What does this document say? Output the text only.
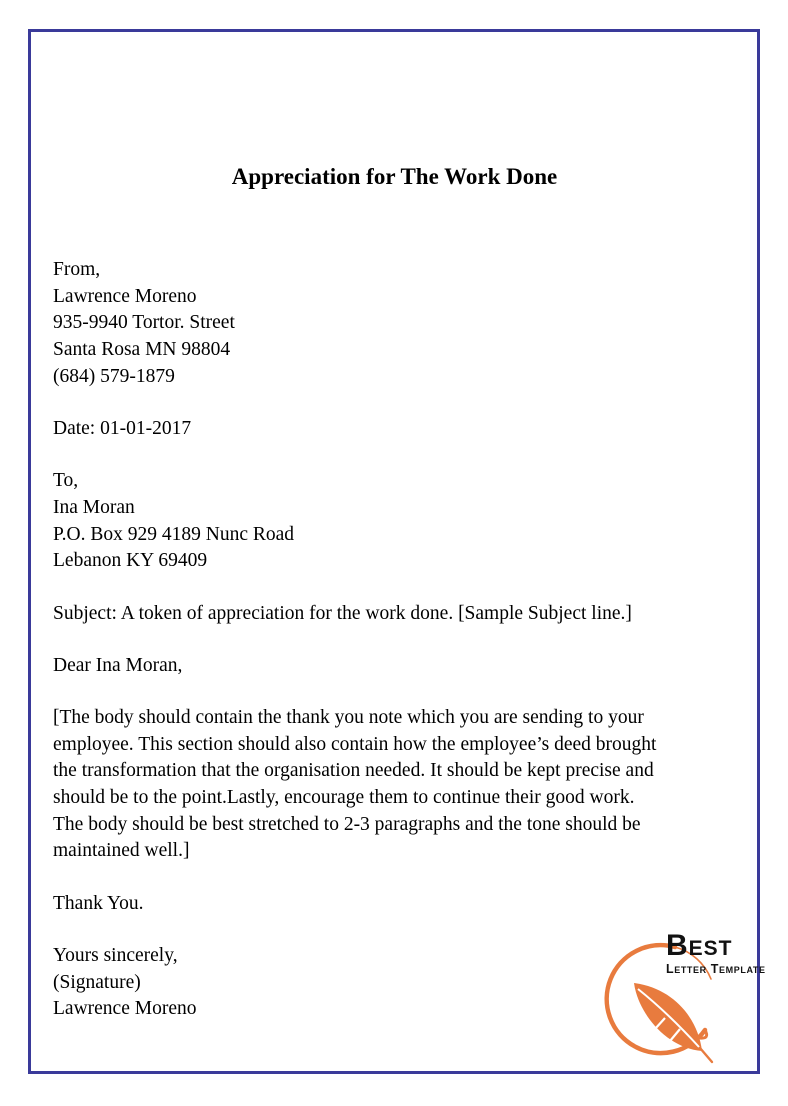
Appreciation for The Work Done
From,
Lawrence Moreno
935-9940 Tortor. Street
Santa Rosa MN 98804
(684) 579-1879
Date: 01-01-2017
To,
Ina Moran
P.O. Box 929 4189 Nunc Road
Lebanon KY 69409
Subject: A token of appreciation for the work done. [Sample Subject line.]
Dear Ina Moran,
[The body should contain the thank you note which you are sending to your
employee. This section should also contain how the employee’s deed brought
the transformation that the organisation needed. It should be kept precise and
should be to the point.Lastly, encourage them to continue their good work.
The body should be best stretched to 2-3 paragraphs and the tone should be
maintained well.]
Thank You.
Yours sincerely,
(Signature)
Lawrence Moreno
Best
Letter Template
